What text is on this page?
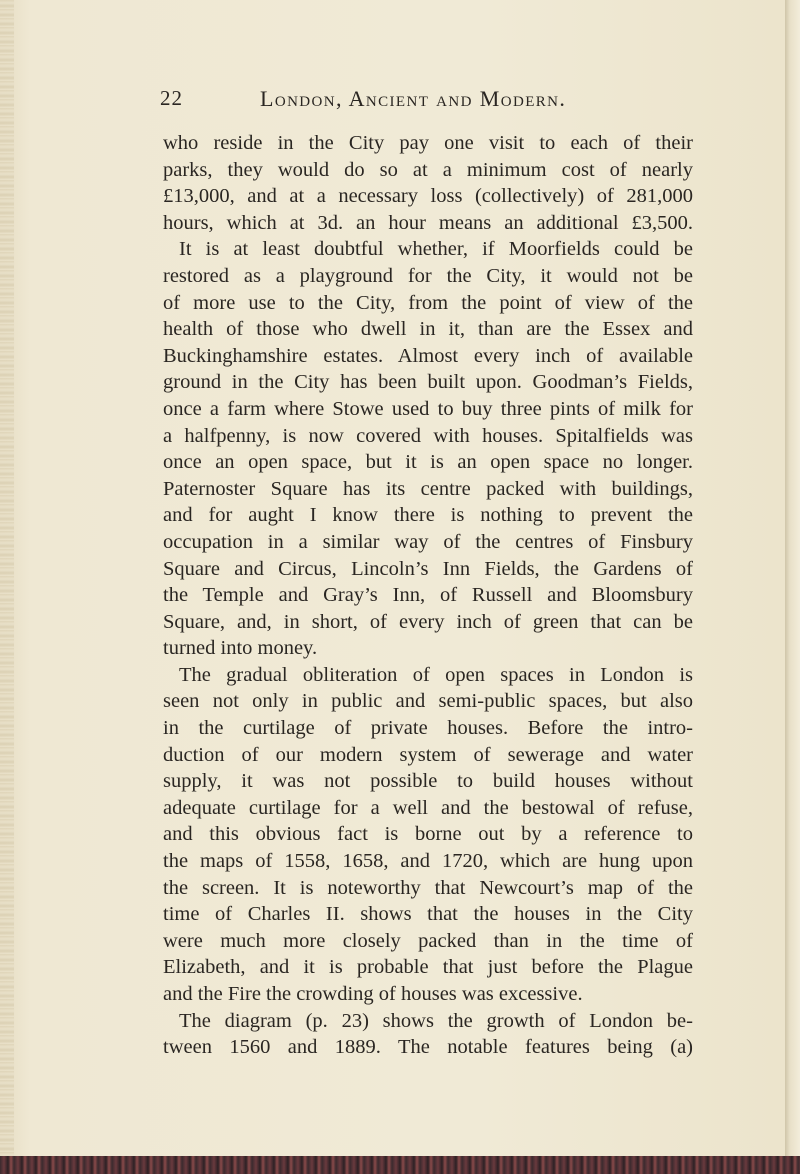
22	London, Ancient and Modern.
who reside in the City pay one visit to each of their
parks, they would do so at a minimum cost of nearly
£13,000, and at a necessary loss (collectively) of 281,000
hours, which at 3d. an hour means an additional £3,500.
It is at least doubtful whether, if Moorfields could be
restored as a playground for the City, it would not be
of more use to the City, from the point of view of the
health of those who dwell in it, than are the Essex and
Buckinghamshire estates. Almost every inch of available
ground in the City has been built upon. Goodman’s Fields,
once a farm where Stowe used to buy three pints of milk for
a halfpenny, is now covered with houses. Spitalfields was
once an open space, but it is an open space no longer.
Paternoster Square has its centre packed with buildings,
and for aught I know there is nothing to prevent the
occupation in a similar way of the centres of Finsbury
Square and Circus, Lincoln’s Inn Fields, the Gardens of
the Temple and Gray’s Inn, of Russell and Bloomsbury
Square, and, in short, of every inch of green that can be
turned into money.
The gradual obliteration of open spaces in London is
seen not only in public and semi-public spaces, but also
in the curtilage of private houses. Before the intro-
duction of our modern system of sewerage and water
supply, it was not possible to build houses without
adequate curtilage for a well and the bestowal of refuse,
and this obvious fact is borne out by a reference to
the maps of 1558, 1658, and 1720, which are hung upon
the screen. It is noteworthy that Newcourt’s map of the
time of Charles II. shows that the houses in the City
were much more closely packed than in the time of
Elizabeth, and it is probable that just before the Plague
and the Fire the crowding of houses was excessive.
The diagram (p. 23) shows the growth of London be-
tween 1560 and 1889. The notable features being (a)
